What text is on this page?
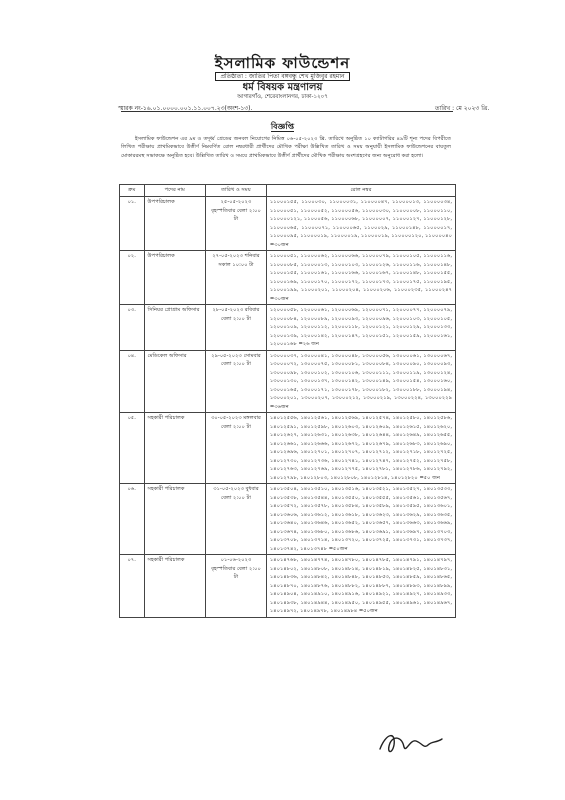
ইসলামিক ফাউন্ডেশন
প্রতিষ্ঠাতা : জাতির পিতা বঙ্গবন্ধু শেখ মুজিবুর রহমান
ধর্ম বিষয়ক মন্ত্রণালয়
আগারগাঁও, শেরেবাংলানগর, ঢাকা-১২০৭
স্মারক নং-১৬.০১.০০০০.০০১.১১.০০৭.২৩(অংশ-১৩).	তারিখ : মে ২০২৩ খ্রি.
বিজ্ঞপ্তি
ইসলামিক ফাউন্ডেশন এর ৯ম ও তদূর্ধ্ব গ্রেডের জনবল নিয়োগের নিমিত্ত ০৬-০৫-২০২৩ খ্রি. তারিখে অনুষ্ঠিত ১০ ক্যাটাগরির ৪৯টি শূন্য পদের বিপরীতে লিখিত পরীক্ষায় প্রাথমিকভাবে উত্তীর্ণ নিম্নবর্ণিত রোল নম্বরধারী প্রার্থীদের মৌখিক পরীক্ষা উল্লিখিত তারিখ ও সময় অনুযায়ী ইসলামিক ফাউন্ডেশনের বায়তুল মোকাররমস্থ সভাকক্ষে অনুষ্ঠিত হবে। উল্লিখিত তারিখ ও সময়ে প্রাথমিকভাবে উত্তীর্ণ প্রার্থীদের মৌখিক পরীক্ষায় অংশগ্রহণের জন্য অনুরোধ করা হলো।
ক্রম	পদের নাম	তারিখ ও সময়	রোল নম্বর
০১.	উপপরিচালক	২৫-০৫-২০২৩ বৃহস্পতিবার বেলা ২:০০ টা	১১০০০১৫৫, ১১০০০৩০, ১১০০০০৩১, ১১০০০০৪৭, ১১০০০০১৩, ১১০০০০৩৪, ১১০০০০৫১, ১১০০০০৫২, ১১০০০০৫৬, ১১০০০০৩০, ১১০০০০০৮, ১১০০০১১০, ১১০০০০১২১, ১১০০০৫৬, ১১০০০০৬৮, ১১০০০০০৭, ১১০০০১২৭, ১১০০০১২৮, ১১০০০০৬৫, ১১০০০০৭১, ১১০০০০৬৫, ১১০০০২৯, ১১০০০১৪৮, ১১০০০০১৭, ১১০০০০৯৫, ১১০০০০১৯, ১১০০০০১৯, ১১০০০০১৯, ১১০০০০১২০, ১১০০০০৪০ =৩০জন
০২.	উপপরিচালক	২৭-০৫-২০২৩ শনিবার সকাল ১০:০০ টা	১১০০০০৫১, ১১০০০০৬২, ১১০০০০৬৬, ১১০০০০৭৯, ১১০০০১০৫, ১১০০০১১৬, ১১০০০০৮৫, ১১০০০০১৩, ১১০০০১০৩, ১১০০০১২৬, ১১০০০১১৬, ১১০০০১৪৮, ১১০০০১৫৫, ১১০০০১৬১, ১১০০০১৬৬, ১১০০০১৬৭, ১১০০০১৪৮, ১১০০০১৫৫, ১১০০০১৬৯, ১১০০০১৭০, ১১০০০১৭২, ১১০০০১৭৩, ১১০০০১৭৫, ১১০০০১৯৫, ১১০০০১৯৯, ১১০০০২০১, ১১০০০২০৪, ১১০০০২০৬, ১১০০০২৩৫, ১১০০০২৪৭ =৩০জন
০৩.	সিনিয়র প্রোগ্রাম অফিসার	২৮-০৫-২০২৩ রবিবার বেলা ২:০০ টা	১২০০০০৫৮, ১২০০০০৬১, ১২০০০০৬৯, ১২০০০০৭১, ১২০০০০৭৭, ১২০০০০৭৯, ১২০০০০৮৪, ১২০০০০৮৯, ১২০০০০৯৩, ১২০০০০৯৬, ১২০০০১০৩, ১২০০০১০৫, ১২০০০১০৯, ১২০০০১১২, ১২০০০১১৮, ১২০০০১২১, ১২০০০১২৯, ১২০০০১৩৩, ১২০০০১৩৯, ১২০০০১৪২, ১২০০০১৪৭, ১২০০০১৫১, ১২০০০১৫৯, ১২০০০১৬১, ১২০০০১৬৮ =২৬ জন
০৪.	মেডিকেল অফিসার	২৯-০৫-২০২৩ সোমবার বেলা ২:০০ টা	১৩০০০০৩৭, ১৩০০০০৪১, ১৩০০০০৪৮, ১৩০০০০৫৬, ১৩০০০০৬১, ১৩০০০০৬৭, ১৩০০০০৭২, ১৩০০০০৭৫, ১৩০০০০৮১, ১৩০০০০৮৪, ১৩০০০০৯০, ১৩০০০০৯৩, ১৩০০০০৯৮, ১৩০০০১০২, ১৩০০০১০৬, ১৩০০০১১১, ১৩০০০১১৯, ১৩০০০১২৪, ১৩০০০১৩০, ১৩০০০১৩৭, ১৩০০০১৪২, ১৩০০০১৪৯, ১৩০০০১৫৪, ১৩০০০১৬০, ১৩০০০১৬৫, ১৩০০০১৭১, ১৩০০০১৭৮, ১৩০০০১৮২, ১৩০০০১৮৮, ১৩০০০১৯৪, ১৩০০০২০১, ১৩০০০২০৭, ১৩০০০২১২, ১৩০০০২১৯, ১৩০০০২২৪, ১৩০০০২২৯ =৩৬জন
০৫.	সহকারী পরিচালক	৩০-০৫-২০২৩ মঙ্গলবার বেলা ২:০০ টা	১৪০১২৫৫৬, ১৪০১২৫৬১, ১৪০১২৫৬৯, ১৪০১২৫৭৪, ১৪০১২৫৮০, ১৪০১২৫৮৬, ১৪০১২৫৯১, ১৪০১২৫৯৮, ১৪০১২৬০৩, ১৪০১২৬০৯, ১৪০১২৬১৫, ১৪০১২৬২০, ১৪০১২৬২৭, ১৪০১২৬৩১, ১৪০১২৬৩৮, ১৪০১২৬৪৪, ১৪০১২৬৪৯, ১৪০১২৬৫৫, ১৪০১২৬৬১, ১৪০১২৬৬৬, ১৪০১২৬৭২, ১৪০১২৬৭৯, ১৪০১২৬৮৩, ১৪০১২৬৯০, ১৪০১২৬৯৬, ১৪০১২৭০১, ১৪০১২৭০৭, ১৪০১২৭১২, ১৪০১২৭১৮, ১৪০১২৭২৫, ১৪০১২৭৩০, ১৪০১২৭৩৬, ১৪০১২৭৪১, ১৪০১২৭৪৭, ১৪০১২৭৫২, ১৪০১২৭৫৮, ১৪০১২৭৬৩, ১৪০১২৭৬৯, ১৪০১২৭৭৫, ১৪০১২৭৮১, ১৪০১২৭৮৬, ১৪০১২৭৯২, ১৪০১২৭৯৮, ১৪০১২৮০৩, ১৪০১২৮০৮, ১৪০১২৮১৪, ১৪০১২৮২০ =৫০ জন
০৬.	সহকারী পরিচালক	৩১-০৫-২০২৩ বুধবার বেলা ২:০০ টা	১৪০১৩৫০৪, ১৪০১৩৫১০, ১৪০১৩৫১৬, ১৪০১৩৫২১, ১৪০১৩৫২৭, ১৪০১৩৫৩৩, ১৪০১৩৫৩৮, ১৪০১৩৫৪৪, ১৪০১৩৫৫০, ১৪০১৩৫৫৫, ১৪০১৩৫৬১, ১৪০১৩৫৬৭, ১৪০১৩৫৭২, ১৪০১৩৫৭৮, ১৪০১৩৫৮৪, ১৪০১৩৫৮৯, ১৪০১৩৫৯৫, ১৪০১৩৬০১, ১৪০১৩৬০৬, ১৪০১৩৬১২, ১৪০১৩৬১৮, ১৪০১৩৬২৩, ১৪০১৩৬২৯, ১৪০১৩৬৩৫, ১৪০১৩৬৪০, ১৪০১৩৬৪৬, ১৪০১৩৬৫২, ১৪০১৩৬৫৭, ১৪০১৩৬৬৩, ১৪০১৩৬৬৯, ১৪০১৩৬৭৪, ১৪০১৩৬৮০, ১৪০১৩৬৮৬, ১৪০১৩৬৯১, ১৪০১৩৬৯৭, ১৪০১৩৭০৩, ১৪০১৩৭০৮, ১৪০১৩৭১৪, ১৪০১৩৭২০, ১৪০১৩৭২৫, ১৪০১৩৭৩১, ১৪০১৩৭৩৭, ১৪০১৩৭৪২, ১৪০১৩৭৪৮ =৫০জন
০৭.	সহকারী পরিচালক	০১-০৬-২০২৩ বৃহস্পতিবার বেলা ২:০০ টা	১৪০১৪৭৬৮, ১৪০১৪৭৭৪, ১৪০১৪৭৮০, ১৪০১৪৭৮৫, ১৪০১৪৭৯১, ১৪০১৪৭৯৭, ১৪০১৪৮০২, ১৪০১৪৮০৮, ১৪০১৪৮১৪, ১৪০১৪৮১৯, ১৪০১৪৮২৫, ১৪০১৪৮৩১, ১৪০১৪৮৩৬, ১৪০১৪৮৪২, ১৪০১৪৮৪৮, ১৪০১৪৮৫৩, ১৪০১৪৮৫৯, ১৪০১৪৮৬৫, ১৪০১৪৮৭০, ১৪০১৪৮৭৬, ১৪০১৪৮৮২, ১৪০১৪৮৮৭, ১৪০১৪৮৯৩, ১৪০১৪৮৯৯, ১৪০১৪৯০৪, ১৪০১৪৯১০, ১৪০১৪৯১৬, ১৪০১৪৯২১, ১৪০১৪৯২৭, ১৪০১৪৯৩৩, ১৪০১৪৯৩৮, ১৪০১৪৯৪৪, ১৪০১৪৯৫০, ১৪০১৪৯৫৫, ১৪০১৪৯৬১, ১৪০১৪৯৬৭, ১৪০১৪৯৭২, ১৪০১৪৯৭৮, ১৪০১৪৯৮৪ =৫০জন
